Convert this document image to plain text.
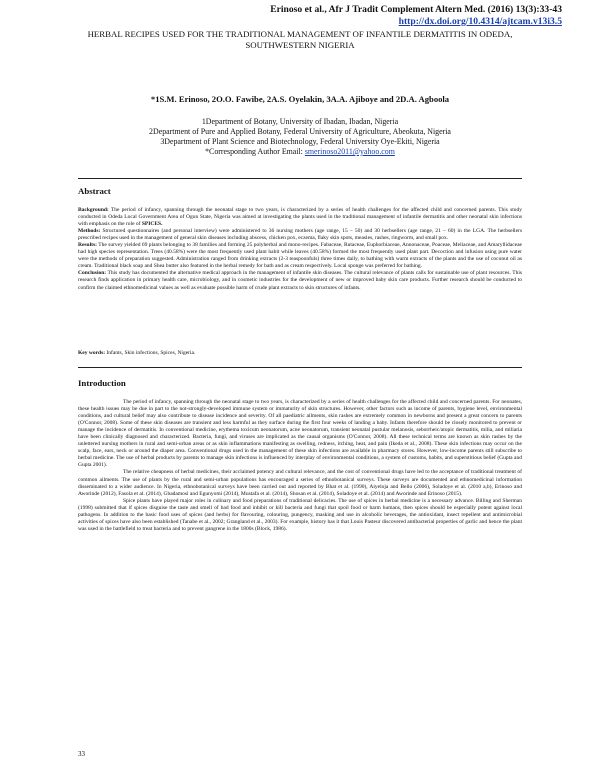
Erinoso et al., Afr J Tradit Complement Altern Med. (2016) 13(3):33-43
http://dx.doi.org/10.4314/ajtcam.v13i3.5
HERBAL RECIPES USED FOR THE TRADITIONAL MANAGEMENT OF INFANTILE DERMATITIS IN ODEDA, SOUTHWESTERN NIGERIA
*1S.M. Erinoso, 2O.O. Fawibe, 2A.S. Oyelakin, 3A.A. Ajiboye and 2D.A. Agboola
1Department of Botany, University of Ibadan, Ibadan, Nigeria
2Department of Pure and Applied Botany, Federal University of Agriculture, Abeokuta, Nigeria
3Department of Plant Science and Biotechnology, Federal University Oye-Ekiti, Nigeria
*Corresponding Author Email: smerinoso2011@yahoo.com
Abstract

Background: The period of infancy, spanning through the neonatal stage to two years, is characterized by a series of health challenges for the affected child and concerned parents. This study conducted in Odeda Local Government Area of Ogun State, Nigeria was aimed at investigating the plants used in the traditional management of infantile dermatitis and other neonatal skin infections with emphasis on the role of SPICES.

Methods: Structured questionnaires (and personal interview) were administered to 36 nursing mothers (age range, 15 – 50) and 30 herbsellers (age range, 21 – 60) in the LGA. The herbsellers prescribed recipes used in the management of general skin diseases including abscess, chicken pox, eczema, flaky skin spots, measles, rashes, ringworm, and small pox.

Results: The survey yielded 69 plants belonging to 38 families and forming 25 polyherbal and mono-recipes. Fabaceae, Rutaceae, Euphorbiaceae, Annonaceae, Poaceae, Meliaceae, and Amaryllidaceae had high species representation. Trees (40.58%) were the most frequently used plant habit while leaves (40.58%) formed the most frequently used plant part. Decoction and infusion using pure water were the methods of preparation suggested. Administration ranged from drinking extracts (2-3 teaspoonfuls) three times daily, to bathing with warm extracts of the plants and the use of coconut oil as cream. Traditional black soap and Shea butter also featured in the herbal remedy for bath and as cream respectively. Local sponge was preferred for bathing.

Conclusion: This study has documented the alternative medical approach in the management of infantile skin diseases. The cultural relevance of plants calls for sustainable use of plant resources. This research finds application in primary health care, microbiology, and in cosmetic industries for the development of new or improved baby skin care products. Further research should be conducted to confirm the claimed ethnomedicinal values as well as evaluate possible harm of crude plant extracts to skin structures of infants.

Key words: Infants, Skin infections, Spices, Nigeria.
Introduction

The period of infancy, spanning through the neonatal stage to two years, is characterized by a series of health challenges for the affected child and concerned parents. For neonates, these health issues may be due in part to the not-strongly-developed immune system or immaturity of skin structures. However, other factors such as income of parents, hygiene level, environmental conditions, and cultural belief may also contribute to disease incidence and severity. Of all paediatric ailments, skin rashes are extremely common in newborns and present a great concern to parents (O'Connor, 2008). Some of these skin diseases are transient and less harmful as they surface during the first four weeks of landing a baby. Infants therefore should be closely monitored to prevent or manage the incidence of dermatitis. In conventional medicine, erythema toxicum neonatorum, acne neonatorum, transient neonatal pustular melanosis, seborrheic/atopic dermatitis, milia, and miliaria have been clinically diagnosed and characterized. Bacteria, fungi, and viruses are implicated as the causal organisms (O'Connor, 2008). All these technical terms are known as skin rashes by the unlettered nursing mothers in rural and semi-urban areas or as skin inflammations manifesting as swelling, redness, itching, heat, and pain (Ikeda et al., 2008). These skin infections may occur on the scalp, face, ears, neck or around the diaper area. Conventional drugs used in the management of these skin infections are available in pharmacy stores. However, low-income parents still subscribe to herbal medicine. The use of herbal products by parents to manage skin infections is influenced by interplay of environmental conditions, a system of customs, habits, and superstitious belief (Gupta and Gupta 2001).

The relative cheapness of herbal medicines, their acclaimed potency and cultural relevance, and the cost of conventional drugs have led to the acceptance of traditional treatment of common ailments. The use of plants by the rural and semi-urban populations has encouraged a series of ethnobotanical surveys. These surveys are documented and ethnomedicinal information disseminated to a wider audience. In Nigeria, ethnobotanical surveys have been carried out and reported by Bhat et al. (1990), Aiyeloja and Bello (2006), Soladoye et al. (2010 a,b), Erinoso and Aworinde (2012), Fasola et al. (2014), Gbadamosi and Egunyomi (2014), Mustafa et al. (2014), Shosan et al. (2014), Soladoye et al. (2014) and Aworinde and Erinoso (2015).

Spice plants have played major roles in culinary and food preparations of traditional delicacies. The use of spices in herbal medicine is a necessary advance. Billing and Sherman (1998) submitted that if spices disguise the taste and smell of bad food and inhibit or kill bacteria and fungi that spoil food or harm humans, then spices should be especially potent against local pathogens. In addition to the basic food uses of spices (and herbs) for flavouring, colouring, pungency, masking and use in alcoholic beverages, the antioxidant, insect repellent and antimicrobial activities of spices have also been established (Tanabe et al., 2002; Grangland et al., 2003). For example, history has it that Louis Pasteur discovered antibacterial properties of garlic and hence the plant was used in the battlefield to treat bacteria and to prevent gangrene in the 1800s (Block, 1986).

33
